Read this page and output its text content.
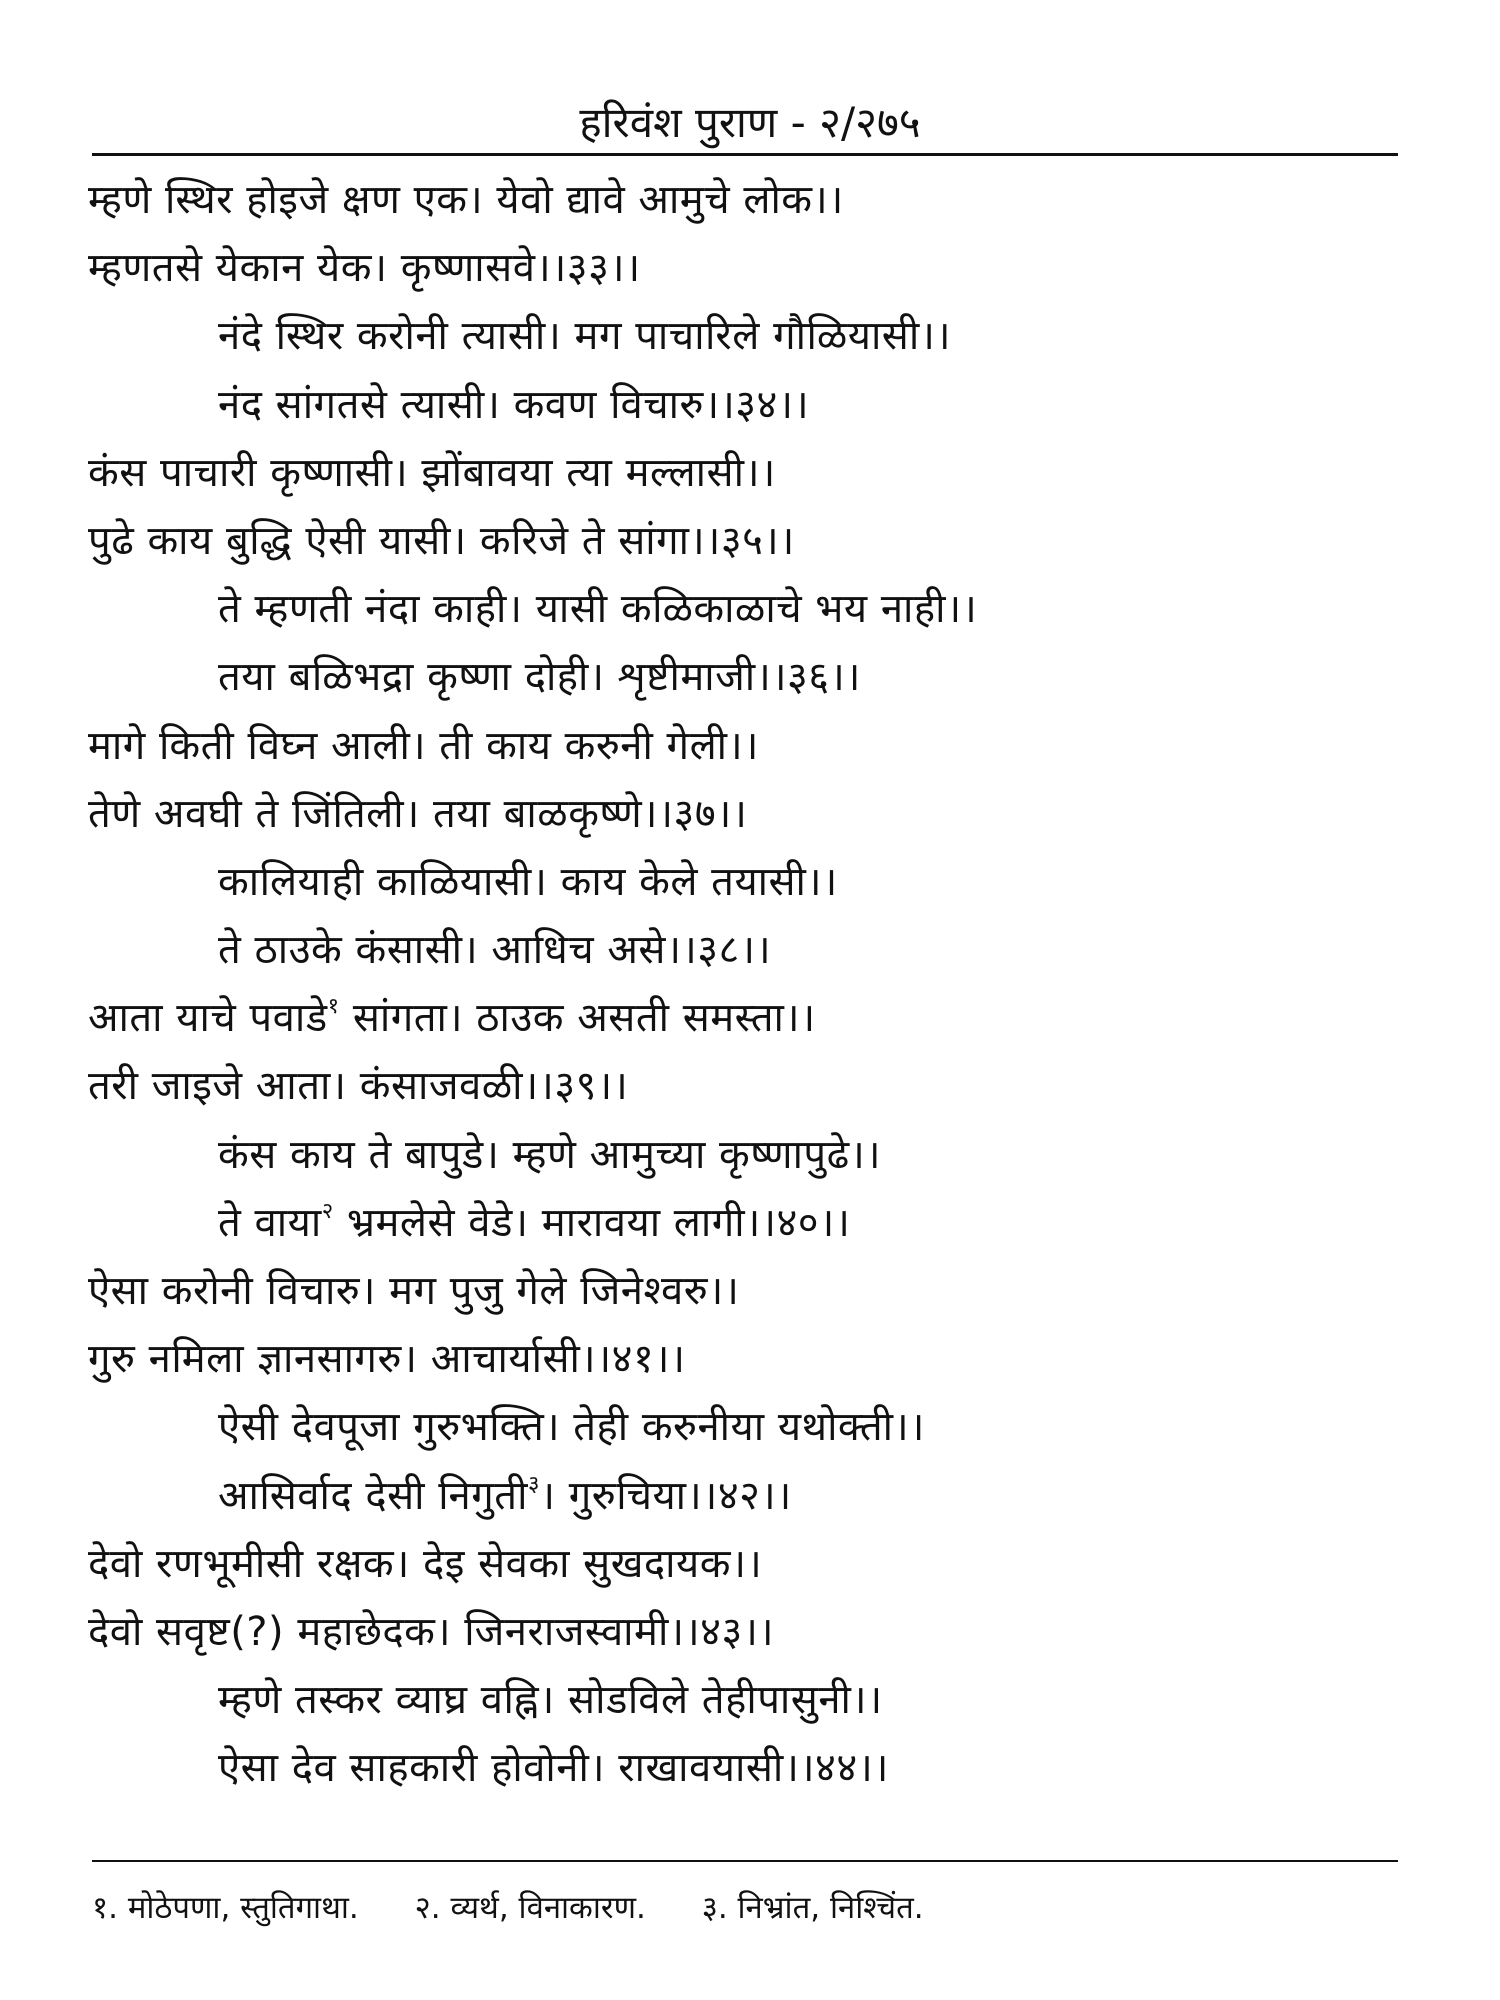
हरिवंश पुराण - २/२७५
म्हणे स्थिर होइजे क्षण एक। येवो द्यावे आमुचे लोक।।
म्हणतसे येकान येक। कृष्णासवे।।३३।।
नंदे स्थिर करोनी त्यासी। मग पाचारिले गौळियासी।।
नंद सांगतसे त्यासी। कवण विचारु।।३४।।
कंस पाचारी कृष्णासी। झोंबावया त्या मल्लासी।।
पुढे काय बुद्धि ऐसी यासी। करिजे ते सांगा।।३५।।
ते म्हणती नंदा काही। यासी कळिकाळाचे भय नाही।।
तया बळिभद्रा कृष्णा दोही। शृष्टीमाजी।।३६।।
मागे किती विघ्न आली। ती काय करुनी गेली।।
तेणे अवघी ते जिंतिली। तया बाळकृष्णे।।३७।।
कालियाही काळियासी। काय केले तयासी।।
ते ठाउके कंसासी। आधिच असे।।३८।।
आता याचे पवाडे$^१$ सांगता। ठाउक असती समस्ता।।
तरी जाइजे आता। कंसाजवळी।।३९।।
कंस काय ते बापुडे। म्हणे आमुच्या कृष्णापुढे।।
ते वाया$^२$ भ्रमलेसे वेडे। मारावया लागी।।४०।।
ऐसा करोनी विचारु। मग पुजु गेले जिनेश्वरु।।
गुरु नमिला ज्ञानसागरु। आचार्यासी।।४१।।
ऐसी देवपूजा गुरुभक्ति। तेही करुनीया यथोक्ती।।
आसिर्वाद देसी निगुती$^३$। गुरुचिया।।४२।।
देवो रणभूमीसी रक्षक। देइ सेवका सुखदायक।।
देवो सवृष्ट(?) महाछेदक। जिनराजस्वामी।।४३।।
म्हणे तस्कर व्याघ्र वह्नि। सोडविले तेहीपासुनी।।
ऐसा देव साहकारी होवोनी। राखावयासी।।४४।।
१. मोठेपणा, स्तुतिगाथा. २. व्यर्थ, विनाकारण. ३. निभ्रांत, निश्चिंत.
